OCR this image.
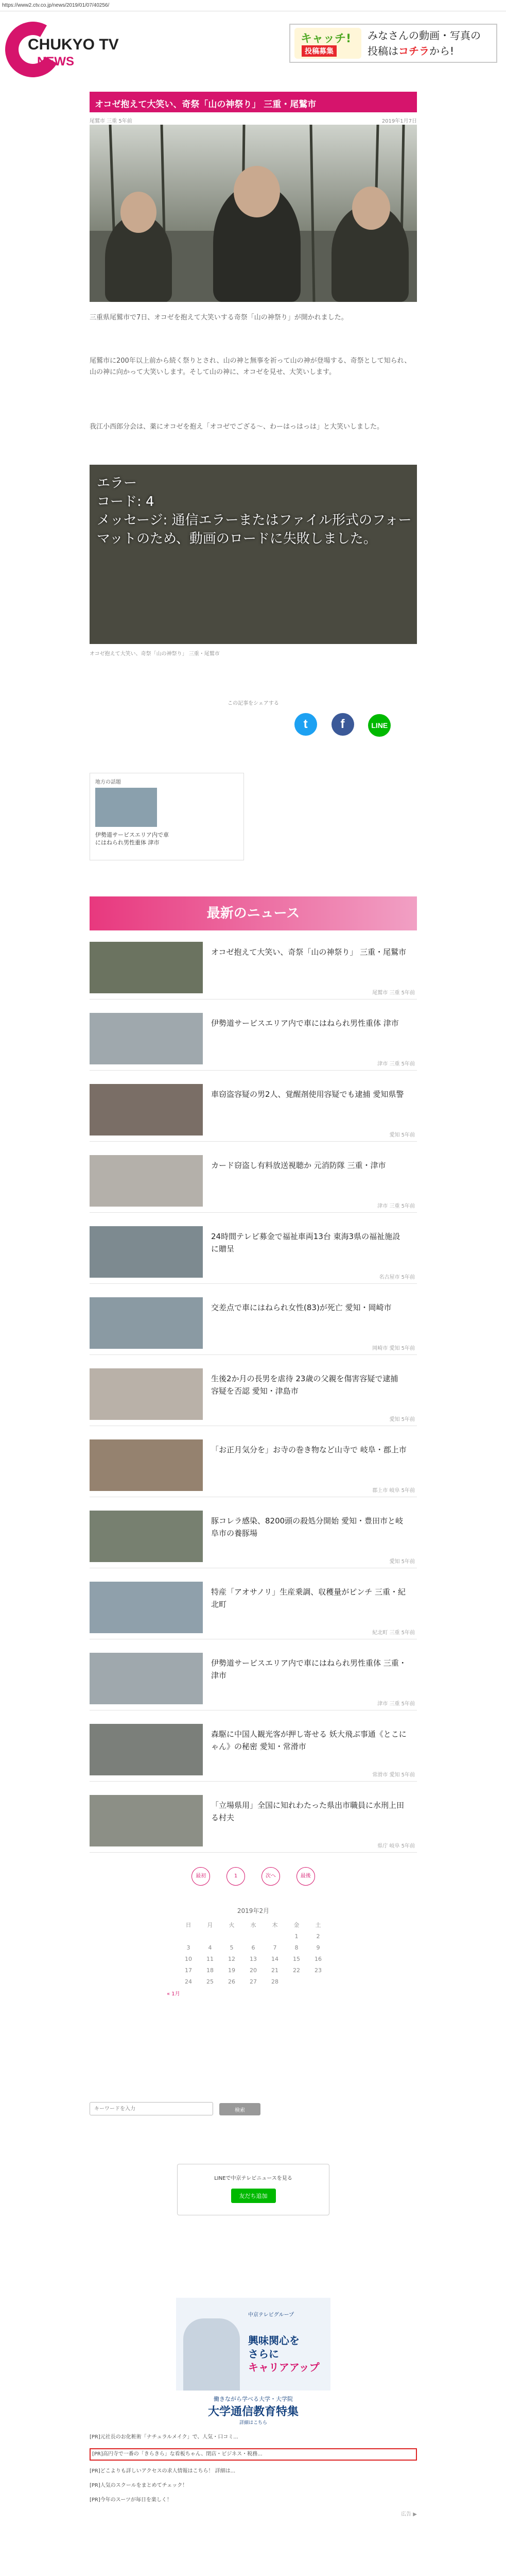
https://www2.ctv.co.jp/news/2019/01/07/40256/
CHUKYO TV
NEWS
キャッチ!
投稿募集
みなさんの動画・写真の
投稿はコチラから!
オコゼ抱えて大笑い、奇祭「山の神祭り」 三重・尾鷲市
尾鷲市 三重 5年前	2019年1月7日
三重県尾鷲市で7日、オコゼを抱えて大笑いする奇祭「山の神祭り」が開かれました。
尾鷲市に200年以上前から続く祭りとされ、山の神と無事を祈って山の神が登場する、奇祭として知られ、山の神に向かって大笑いします。そして山の神に、オコゼを見せ、大笑いします。
我江小西郎分会は、薬にオコゼを抱え「オコゼでござる〜、わーはっはっは」と大笑いしました。
エラー
コード: 4
メッセージ: 通信エラーまたはファイル形式のフォーマットのため、動画のロードに失敗しました。
オコゼ抱えて大笑い、奇祭「山の神祭り」 三重・尾鷲市
この記事をシェアする
t	f	LINE
地方の話題
伊勢道サービスエリア内で車にはねられ男性重体 津市
最新のニュース
オコゼ抱えて大笑い、奇祭「山の神祭り」 三重・尾鷲市
尾鷲市 三重 5年前
伊勢道サービスエリア内で車にはねられ男性重体 津市
津市 三重 5年前
車窃盗容疑の男2人、覚醒剤使用容疑でも逮捕 愛知県警
愛知 5年前
カード窃盗し有料放送視聴か 元消防隊 三重・津市
津市 三重 5年前
24時間テレビ募金で福祉車両13台 東海3県の福祉施設に贈呈
名古屋市 5年前
交差点で車にはねられ女性(83)が死亡 愛知・岡崎市
岡崎市 愛知 5年前
生後2か月の長男を虐待 23歳の父親を傷害容疑で逮捕 容疑を否認 愛知・津島市
愛知 5年前
「お正月気分を」お寺の巻き物など山寺で 岐阜・郡上市
郡上市 岐阜 5年前
豚コレラ感染、8200頭の殺処分開始 愛知・豊田市と岐阜市の養豚場
愛知 5年前
特産「アオサノリ」生産乗調、収穫量がピンチ 三重・紀北町
紀北町 三重 5年前
伊勢道サービスエリア内で車にはねられ男性重体 三重・津市
津市 三重 5年前
森駆に中国人観光客が押し寄せる 妖大飛ぶ事通《とこにゃん》の秘密 愛知・常滑市
常滑市 愛知 5年前
「立場県用」全国に知れわたった県出市職員に水刑上田る村夫
県庁 岐阜 5年前
最初	1	次へ	最後
2019年2月
日	月	火	水	木	金	土
					1	2
3	4	5	6	7	8	9
10	11	12	13	14	15	16
17	18	19	20	21	22	23
24	25	26	27	28		
« 1月
キーワードを入力
検索
LINEで中京テレビニュースを見る
友だち追加
中京テレビグループ
興味関心を
さらに
キャリアアップ
働きながら学べる大学・大学院
大学通信教育特集
詳細はこちら
[PR]元社長のお化粧術「ナチュラルメイク」で、人気・口コミ...
[PR]高円寺で一番の「きらきら」な看板ちゃん、閉店・ビジネス・税務...
[PR]どこよりも詳しいアクセスの求人情報はこちら！ 詳細は...
[PR]人気のスクールをまとめてチェック！
[PR]今年のスーツが毎日を楽しく！
広告 ▶
